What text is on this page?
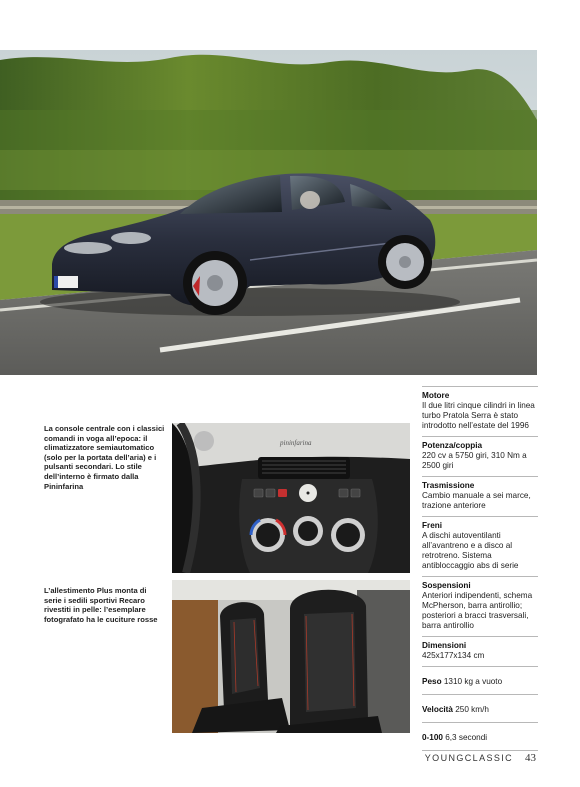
La console centrale con i classici comandi in voga all’epoca: il climatizzatore semiautomatico (solo per la portata dell’aria) e i pulsanti secondari. Lo stile dell’interno è firmato dalla Pininfarina
L’allestimento Plus monta di serie i sedili sportivi Recaro rivestiti in pelle: l’esemplare fotografato ha le cuciture rosse
pininfarina
Motore
Il due litri cinque cilindri in linea turbo Pratola Serra è stato introdotto nell’estate del 1996
Potenza/coppia
220 cv a 5750 giri, 310 Nm a 2500 giri
Trasmissione
Cambio manuale a sei marce, trazione anteriore
Freni
A dischi autoventilanti all’avantreno e a disco al retrotreno. Sistema antibloccaggio abs di serie
Sospensioni
Anteriori indipendenti, schema McPherson, barra antirollio; posteriori a bracci trasversali, barra antirollio
Dimensioni
425x177x134 cm
Peso 1310 kg a vuoto
Velocità 250 km/h
0-100 6,3 secondi
YOUNGCLASSIC 43
